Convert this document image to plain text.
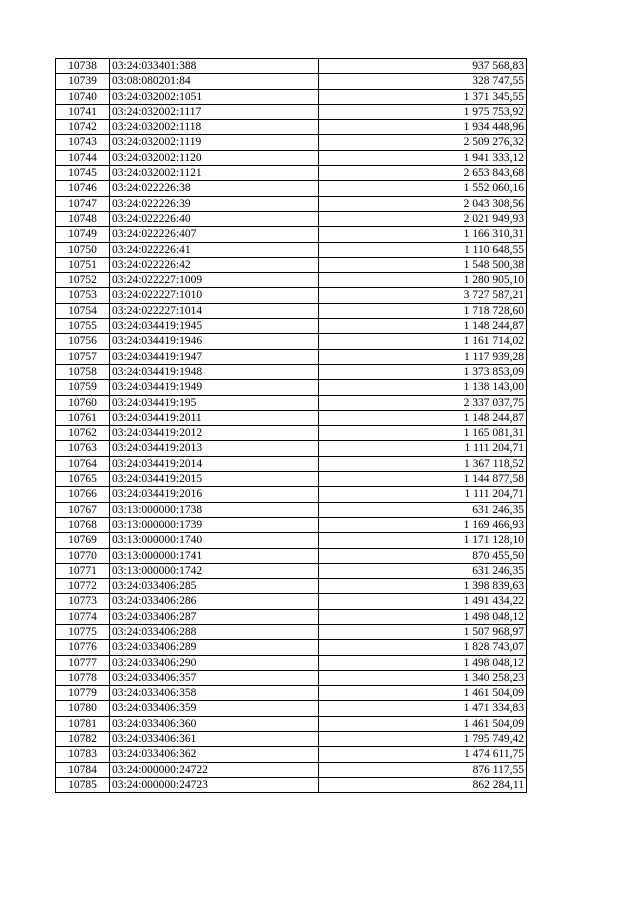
10738	03:24:033401:388	937 568,83
10739	03:08:080201:84	328 747,55
10740	03:24:032002:1051	1 371 345,55
10741	03:24:032002:1117	1 975 753,92
10742	03:24:032002:1118	1 934 448,96
10743	03:24:032002:1119	2 509 276,32
10744	03:24:032002:1120	1 941 333,12
10745	03:24:032002:1121	2 653 843,68
10746	03:24:022226:38	1 552 060,16
10747	03:24:022226:39	2 043 308,56
10748	03:24:022226:40	2 021 949,93
10749	03:24:022226:407	1 166 310,31
10750	03:24:022226:41	1 110 648,55
10751	03:24:022226:42	1 548 500,38
10752	03:24:022227:1009	1 280 905,10
10753	03:24:022227:1010	3 727 587,21
10754	03:24:022227:1014	1 718 728,60
10755	03:24:034419:1945	1 148 244,87
10756	03:24:034419:1946	1 161 714,02
10757	03:24:034419:1947	1 117 939,28
10758	03:24:034419:1948	1 373 853,09
10759	03:24:034419:1949	1 138 143,00
10760	03:24:034419:195	2 337 037,75
10761	03:24:034419:2011	1 148 244,87
10762	03:24:034419:2012	1 165 081,31
10763	03:24:034419:2013	1 111 204,71
10764	03:24:034419:2014	1 367 118,52
10765	03:24:034419:2015	1 144 877,58
10766	03:24:034419:2016	1 111 204,71
10767	03:13:000000:1738	631 246,35
10768	03:13:000000:1739	1 169 466,93
10769	03:13:000000:1740	1 171 128,10
10770	03:13:000000:1741	870 455,50
10771	03:13:000000:1742	631 246,35
10772	03:24:033406:285	1 398 839,63
10773	03:24:033406:286	1 491 434,22
10774	03:24:033406:287	1 498 048,12
10775	03:24:033406:288	1 507 968,97
10776	03:24:033406:289	1 828 743,07
10777	03:24:033406:290	1 498 048,12
10778	03:24:033406:357	1 340 258,23
10779	03:24:033406:358	1 461 504,09
10780	03:24:033406:359	1 471 334,83
10781	03:24:033406:360	1 461 504,09
10782	03:24:033406:361	1 795 749,42
10783	03:24:033406:362	1 474 611,75
10784	03:24:000000:24722	876 117,55
10785	03:24:000000:24723	862 284,11
